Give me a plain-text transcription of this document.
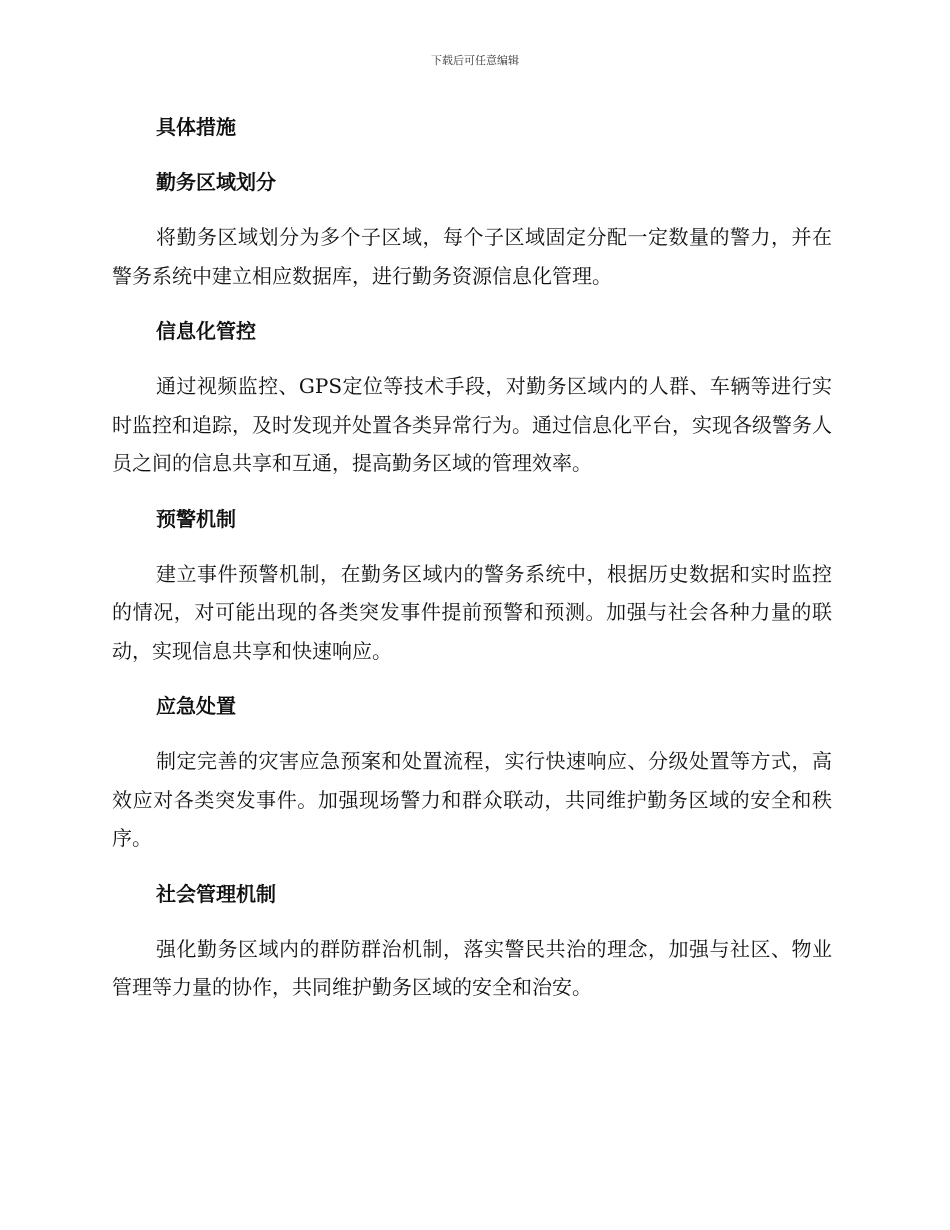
下载后可任意编辑
具体措施
勤务区域划分

将勤务区域划分为多个子区域，每个子区域固定分配一定数量的警力，并在警务系统中建立相应数据库，进行勤务资源信息化管理。

信息化管控

通过视频监控、GPS定位等技术手段，对勤务区域内的人群、车辆等进行实时监控和追踪，及时发现并处置各类异常行为。通过信息化平台，实现各级警务人员之间的信息共享和互通，提高勤务区域的管理效率。

预警机制

建立事件预警机制，在勤务区域内的警务系统中，根据历史数据和实时监控的情况，对可能出现的各类突发事件提前预警和预测。加强与社会各种力量的联动，实现信息共享和快速响应。

应急处置

制定完善的灾害应急预案和处置流程，实行快速响应、分级处置等方式，高效应对各类突发事件。加强现场警力和群众联动，共同维护勤务区域的安全和秩序。

社会管理机制

强化勤务区域内的群防群治机制，落实警民共治的理念，加强与社区、物业管理等力量的协作，共同维护勤务区域的安全和治安。
